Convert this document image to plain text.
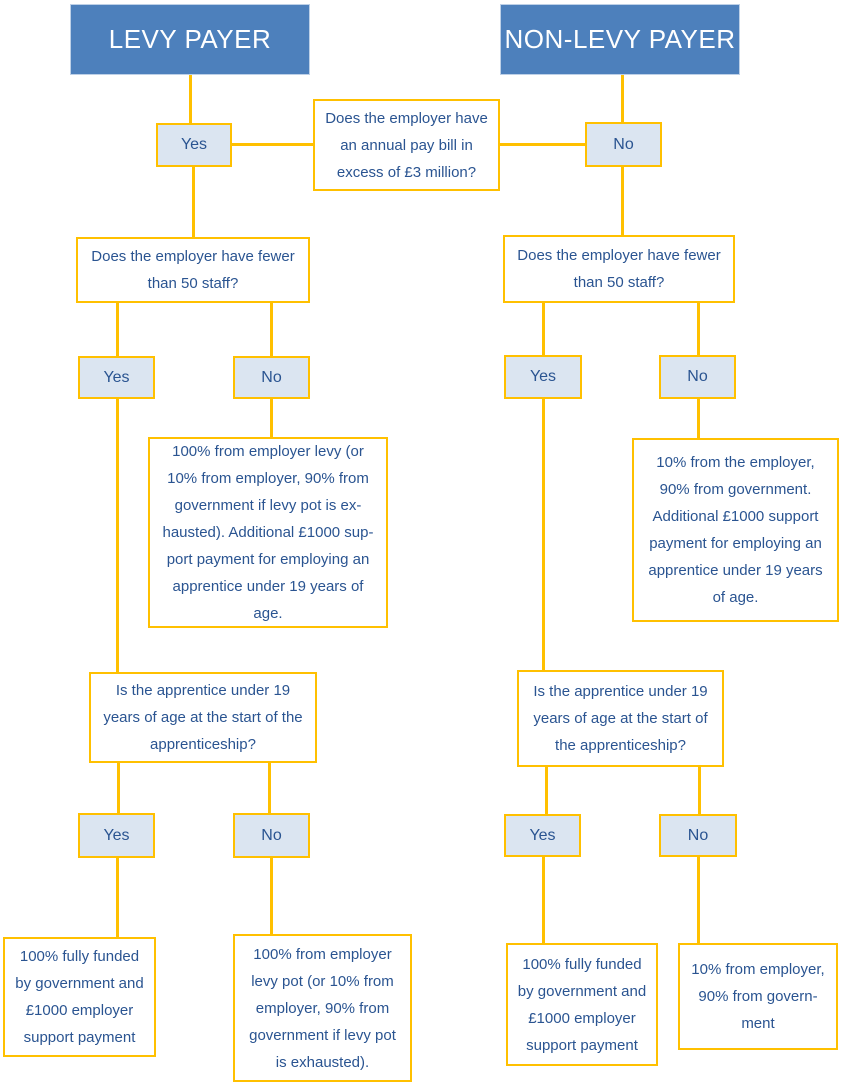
LEVY PAYER	NON-LEVY PAYER
Yes
Does the employer have an annual pay bill in excess of £3 million?
No
Does the employer have fewer than 50 staff?
Does the employer have fewer than 50 staff?
Yes	No	Yes	No
100% from employer levy (or 10% from employer, 90% from government if levy pot is ex-hausted). Additional £1000 sup-port payment for employing an apprentice under 19 years of age.
10% from the employer, 90% from government. Additional £1000 support payment for employing an apprentice under 19 years of age.
Is the apprentice under 19 years of age at the start of the apprenticeship?
Is the apprentice under 19 years of age at the start of the apprenticeship?
Yes	No	Yes	No
100% fully funded by government and £1000 employer support payment
100% from employer levy pot (or 10% from employer, 90% from government if levy pot is exhausted).
100% fully funded by government and £1000 employer support payment
10% from employer, 90% from govern-ment
